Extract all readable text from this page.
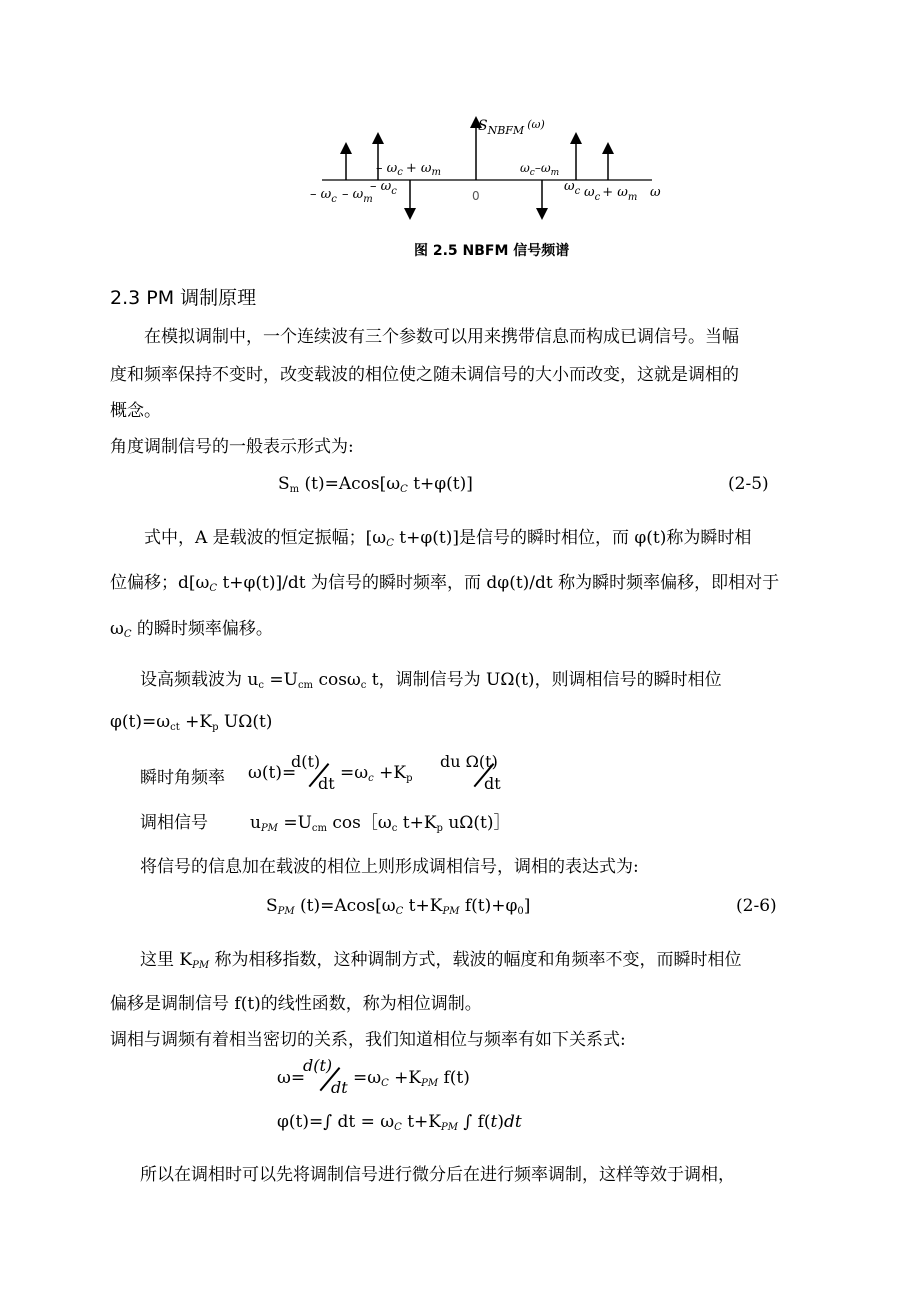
$S_{NBFM}$ $^{(\omega)}$
– $\omega_c + \omega_m$	$\omega_c-\omega_m$
0
– $\omega_c - \omega_m$
– $\omega_c$	$\omega_c$ $\omega_c + \omega_m$ ω
图 2.5 NBFM 信号频谱
2.3 PM 调制原理
在模拟调制中，一个连续波有三个参数可以用来携带信息而构成已调信号。当幅
度和频率保持不变时，改变载波的相位使之随未调信号的大小而改变，这就是调相的
概念。
角度调制信号的一般表示形式为:
$S_m$ (t)=Acos[ωC t+φ(t)]	(2-5)
式中，A 是载波的恒定振幅；[ωC t+φ(t)]是信号的瞬时相位，而 φ(t)称为瞬时相
位偏移；d[ωC t+φ(t)]/dt 为信号的瞬时频率，而 dφ(t)/dt 称为瞬时频率偏移，即相对于
ωC 的瞬时频率偏移。
设高频载波为 $u_c =U_{cm}$ cosω$_c$ t，调制信号为 UΩ(t)，则调相信号的瞬时相位
$\varphi(t)=\omega_{ct} +K_p$ UΩ(t)
瞬时角频率 ω(t)=
d(t)
dt
$=\omega c +K_p$
du Ω(t)
dt
调相信号 uPM $=U_{cm}$ $\cos[\omega_c$ $t+K_p$ uΩ(t)］
将信号的信息加在载波的相位上则形成调相信号，调相的表达式为:
SPM (t)=Acos[ωC t+KPM $f(t)+\varphi_0$]	(2-6)
这里 KPM 称为相移指数，这种调制方式，载波的幅度和角频率不变，而瞬时相位
偏移是调制信号 f(t)的线性函数，称为相位调制。
调相与调频有着相当密切的关系，我们知道相位与频率有如下关系式:
ω=
d(t)
dt =ωC +KPM f(t)
φ(t)=∫ dt = ωC t+KPM ∫ f(t)dt
所以在调相时可以先将调制信号进行微分后在进行频率调制，这样等效于调相，
